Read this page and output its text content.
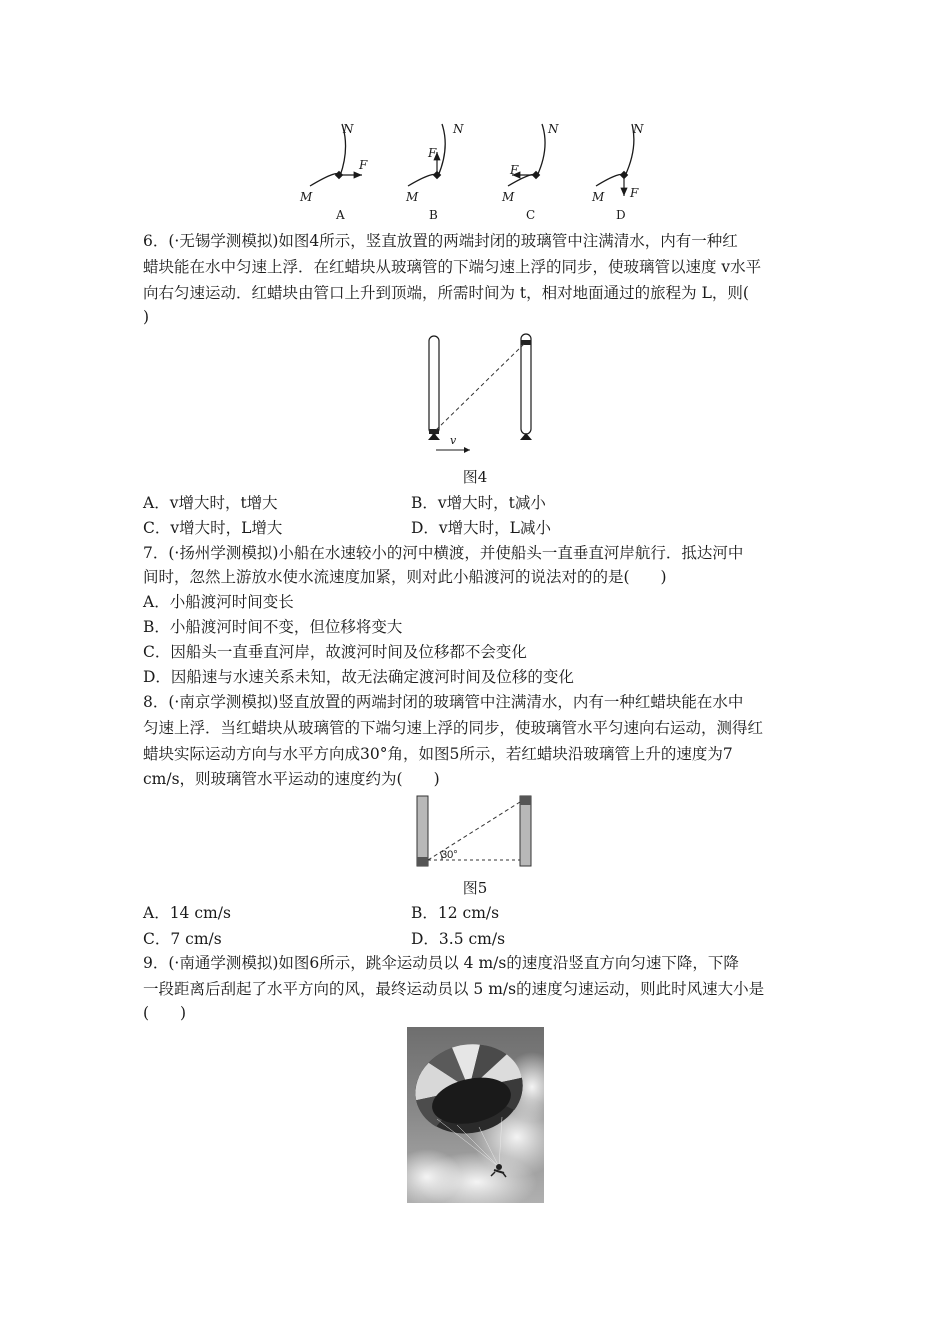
N	N	N	N
M	M	M	M
F
F
F
F
A	B	C	D
6．(·无锡学测模拟)如图4所示，竖直放置的两端封闭的玻璃管中注满清水，内有一种红
蜡块能在水中匀速上浮．在红蜡块从玻璃管的下端匀速上浮的同步，使玻璃管以速度 v水平
向右匀速运动．红蜡块由管口上升到顶端，所需时间为 t，相对地面通过的旅程为 L，则(
)
v
图4
A．v增大时，t增大	B．v增大时，t减小
C．v增大时，L增大	D．v增大时，L减小
7．(·扬州学测模拟)小船在水速较小的河中横渡，并使船头一直垂直河岸航行．抵达河中
间时，忽然上游放水使水流速度加紧，则对此小船渡河的说法对的的是(　　)
A．小船渡河时间变长
B．小船渡河时间不变，但位移将变大
C．因船头一直垂直河岸，故渡河时间及位移都不会变化
D．因船速与水速关系未知，故无法确定渡河时间及位移的变化
8．(·南京学测模拟)竖直放置的两端封闭的玻璃管中注满清水，内有一种红蜡块能在水中
匀速上浮．当红蜡块从玻璃管的下端匀速上浮的同步，使玻璃管水平匀速向右运动，测得红
蜡块实际运动方向与水平方向成30°角，如图5所示，若红蜡块沿玻璃管上升的速度为7
cm/s，则玻璃管水平运动的速度约为(　　)
30°
图5
A．14 cm/s	B．12 cm/s
C．7 cm/s	D．3.5 cm/s
9．(·南通学测模拟)如图6所示，跳伞运动员以 4 m/s的速度沿竖直方向匀速下降，下降
一段距离后刮起了水平方向的风，最终运动员以 5 m/s的速度匀速运动，则此时风速大小是
(　　)
